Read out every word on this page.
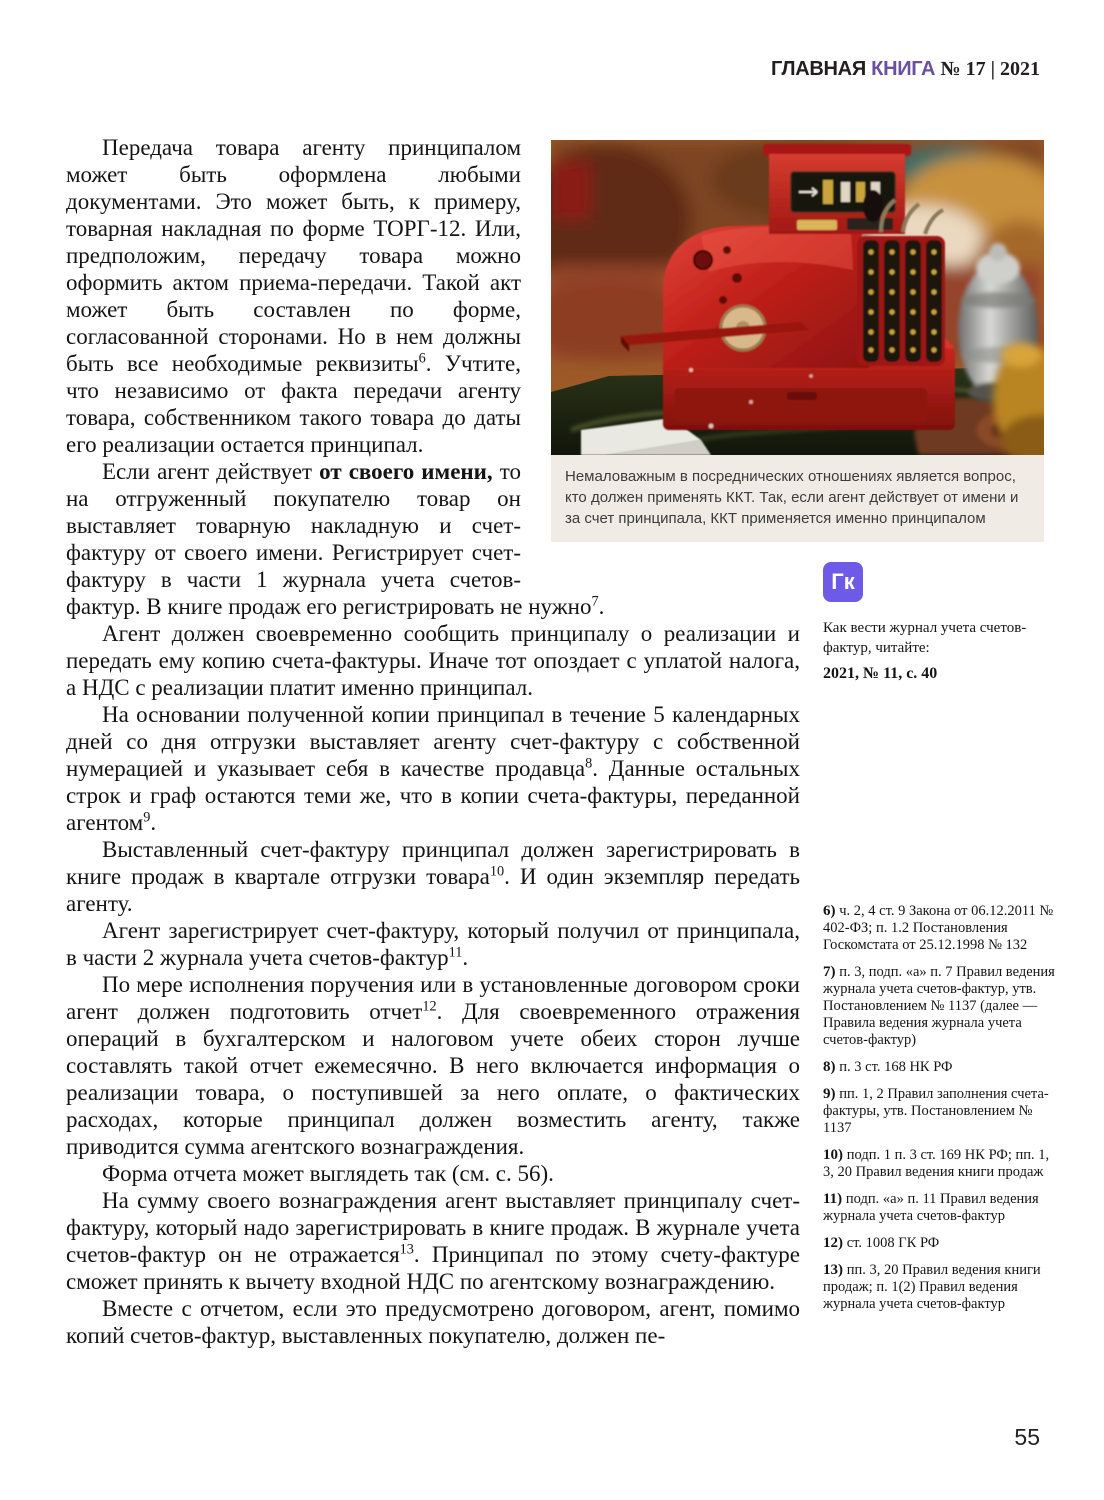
ГЛАВНАЯ КНИГА № 17 | 2021

Передача товара агенту принципалом может быть оформлена любыми документами. Это может быть, к примеру, товарная накладная по форме ТОРГ-12. Или, предположим, передачу товара можно оформить актом приема-передачи. Такой акт может быть составлен по форме, согласованной сторонами. Но в нем должны быть все необходимые реквизиты$^6$. Учтите, что независимо от факта передачи агенту товара, собственником такого товара до даты его реализации остается принципал.

Если агент действует от своего имени, то на отгруженный покупателю товар он выставляет товарную накладную и счет-фактуру от своего имени. Регистрирует счет-фактуру в части 1 журнала учета счетов-фактур. В книге продаж его регистрировать не нужно$^7$.

Агент должен своевременно сообщить принципалу о реализации и передать ему копию счета-фактуры. Иначе тот опоздает с уплатой налога, а НДС с реализации платит именно принципал.

На основании полученной копии принципал в течение 5 календарных дней со дня отгрузки выставляет агенту счет-фактуру с собственной нумерацией и указывает себя в качестве продавца$^8$. Данные остальных строк и граф остаются теми же, что в копии счета-фактуры, переданной агентом$^9$.

Выставленный счет-фактуру принципал должен зарегистрировать в книге продаж в квартале отгрузки товара$^{10}$. И один экземпляр передать агенту.

Агент зарегистрирует счет-фактуру, который получил от принципала, в части 2 журнала учета счетов-фактур$^{11}$.

По мере исполнения поручения или в установленные договором сроки агент должен подготовить отчет$^{12}$. Для своевременного отражения операций в бухгалтерском и налоговом учете обеих сторон лучше составлять такой отчет ежемесячно. В него включается информация о реализации товара, о поступившей за него оплате, о фактических расходах, которые принципал должен возместить агенту, также приводится сумма агентского вознаграждения.

Форма отчета может выглядеть так (см. с. 56).

На сумму своего вознаграждения агент выставляет принципалу счет-фактуру, который надо зарегистрировать в книге продаж. В журнале учета счетов-фактур он не отражается$^{13}$. Принципал по этому счету-фактуре сможет принять к вычету входной НДС по агентскому вознаграждению.

Вместе с отчетом, если это предусмотрено договором, агент, помимо копий счетов-фактур, выставленных покупателю, должен пе-

Немаловажным в посреднических отношениях является вопрос, кто должен применять ККТ. Так, если агент действует от имени и за счет принципала, ККТ применяется именно принципалом
Гк
Как вести журнал учета счетов-фактур, читайте:
2021, № 11, с. 40

6) ч. 2, 4 ст. 9 Закона от 06.12.2011 № 402-ФЗ; п. 1.2 Постановления Госкомстата от 25.12.1998 № 132

7) п. 3, подп. «а» п. 7 Правил ведения журнала учета счетов-фактур, утв. Постановлением № 1137 (далее — Правила ведения журнала учета счетов-фактур)

8) п. 3 ст. 168 НК РФ

9) пп. 1, 2 Правил заполнения счета-фактуры, утв. Постановлением № 1137

10) подп. 1 п. 3 ст. 169 НК РФ; пп. 1, 3, 20 Правил ведения книги продаж

11) подп. «а» п. 11 Правил ведения журнала учета счетов-фактур

12) ст. 1008 ГК РФ

13) пп. 3, 20 Правил ведения книги продаж; п. 1(2) Правил ведения журнала учета счетов-фактур

55
